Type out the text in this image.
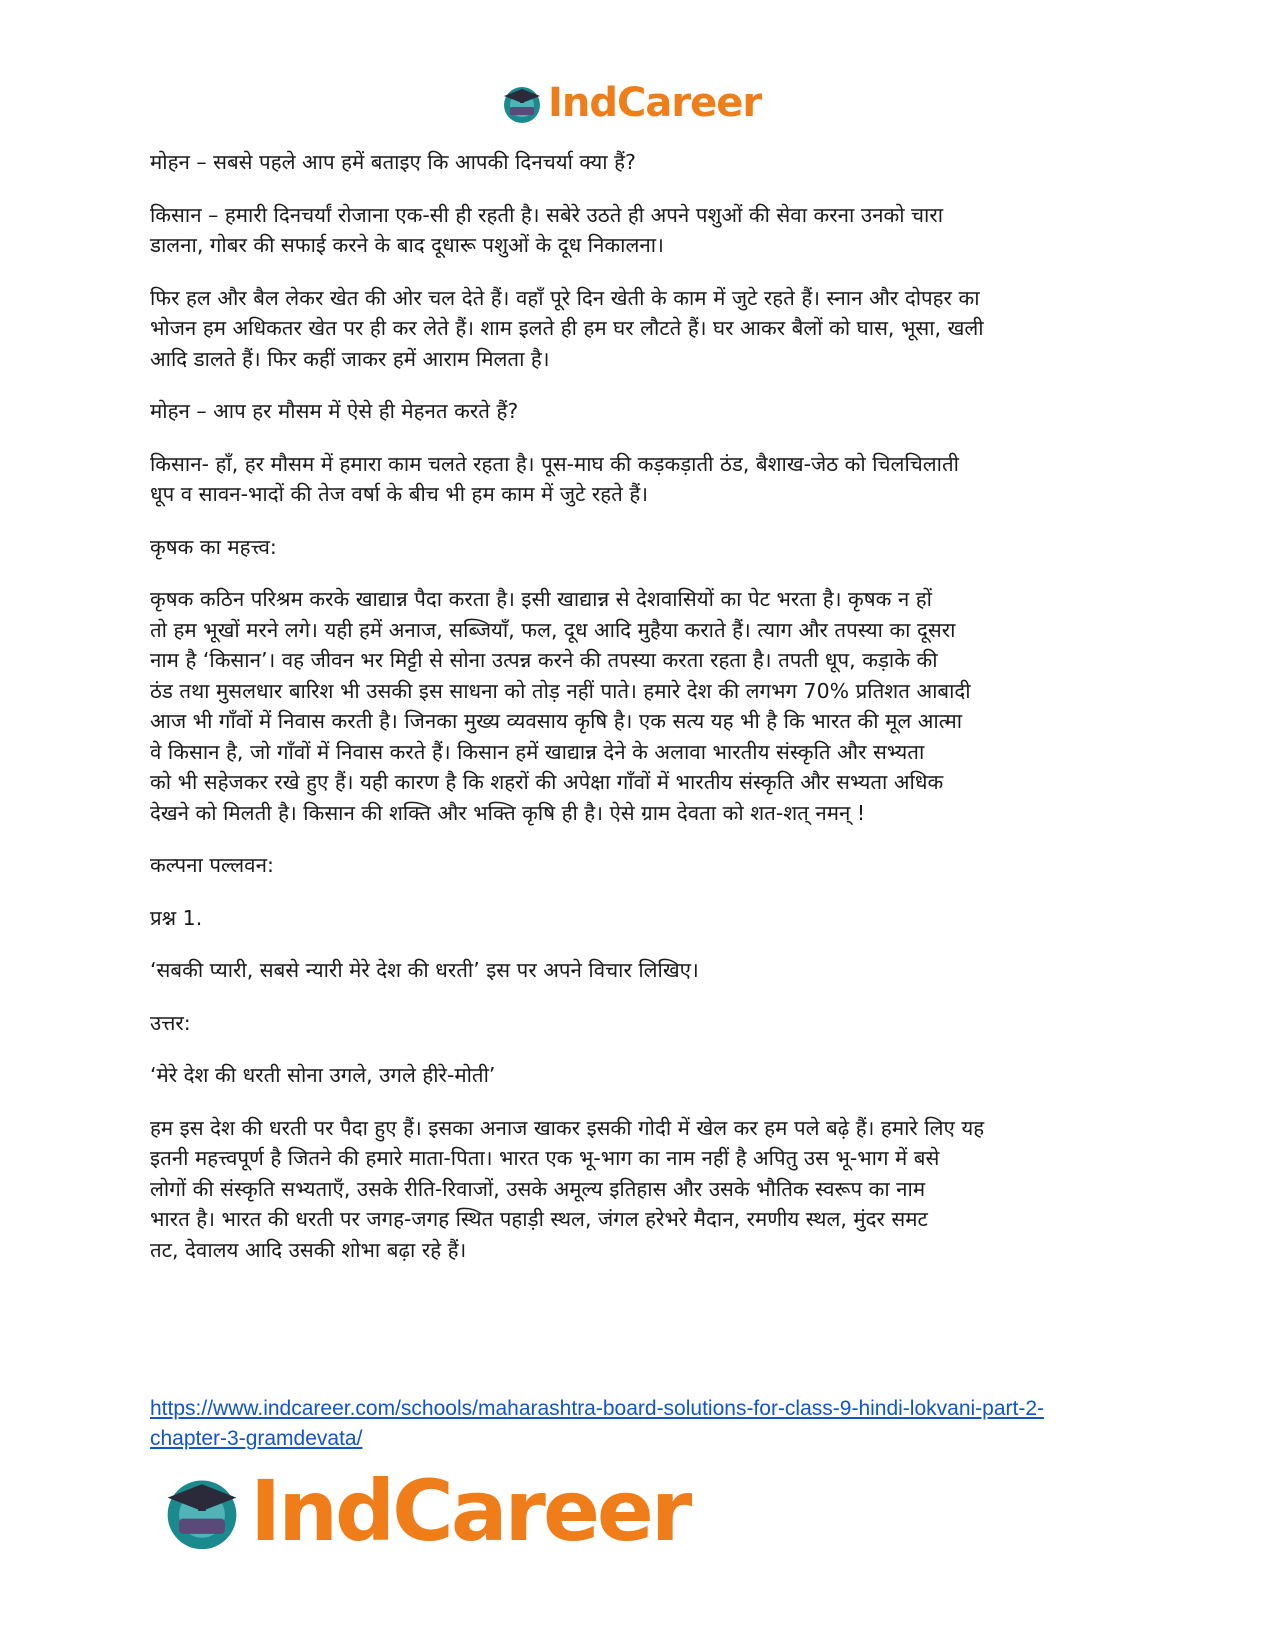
IndCareer

मोहन – सबसे पहले आप हमें बताइए कि आपकी दिनचर्या क्या हैं?

किसान – हमारी दिनचर्यां रोजाना एक-सी ही रहती है। सबेरे उठते ही अपने पशुओं की सेवा करना उनको चारा
डालना, गोबर की सफाई करने के बाद दूधारू पशुओं के दूध निकालना।

फिर हल और बैल लेकर खेत की ओर चल देते हैं। वहाँ पूरे दिन खेती के काम में जुटे रहते हैं। स्नान और दोपहर का
भोजन हम अधिकतर खेत पर ही कर लेते हैं। शाम इलते ही हम घर लौटते हैं। घर आकर बैलों को घास, भूसा, खली
आदि डालते हैं। फिर कहीं जाकर हमें आराम मिलता है।

मोहन – आप हर मौसम में ऐसे ही मेहनत करते हैं?

किसान- हाँ, हर मौसम में हमारा काम चलते रहता है। पूस-माघ की कड़कड़ाती ठंड, बैशाख-जेठ को चिलचिलाती
धूप व सावन-भादों की तेज वर्षा के बीच भी हम काम में जुटे रहते हैं।

कृषक का महत्त्व:

कृषक कठिन परिश्रम करके खाद्यान्न पैदा करता है। इसी खाद्यान्न से देशवासियों का पेट भरता है। कृषक न हों
तो हम भूखों मरने लगे। यही हमें अनाज, सब्जियाँ, फल, दूध आदि मुहैया कराते हैं। त्याग और तपस्या का दूसरा
नाम है ‘किसान’। वह जीवन भर मिट्टी से सोना उत्पन्न करने की तपस्या करता रहता है। तपती धूप, कड़ाके की
ठंड तथा मुसलधार बारिश भी उसकी इस साधना को तोड़ नहीं पाते। हमारे देश की लगभग 70% प्रतिशत आबादी
आज भी गाँवों में निवास करती है। जिनका मुख्य व्यवसाय कृषि है। एक सत्य यह भी है कि भारत की मूल आत्मा
वे किसान है, जो गाँवों में निवास करते हैं। किसान हमें खाद्यान्न देने के अलावा भारतीय संस्कृति और सभ्यता
को भी सहेजकर रखे हुए हैं। यही कारण है कि शहरों की अपेक्षा गाँवों में भारतीय संस्कृति और सभ्यता अधिक
देखने को मिलती है। किसान की शक्ति और भक्ति कृषि ही है। ऐसे ग्राम देवता को शत-शत् नमन् !

कल्पना पल्लवन:

प्रश्न 1.

‘सबकी प्यारी, सबसे न्यारी मेरे देश की धरती’ इस पर अपने विचार लिखिए।

उत्तर:

‘मेरे देश की धरती सोना उगले, उगले हीरे-मोती’

हम इस देश की धरती पर पैदा हुए हैं। इसका अनाज खाकर इसकी गोदी में खेल कर हम पले बढ़े हैं। हमारे लिए यह
इतनी महत्त्वपूर्ण है जितने की हमारे माता-पिता। भारत एक भू-भाग का नाम नहीं है अपितु उस भू-भाग में बसे
लोगों की संस्कृति सभ्यताएँ, उसके रीति-रिवाजों, उसके अमूल्य इतिहास और उसके भौतिक स्वरूप का नाम
भारत है। भारत की धरती पर जगह-जगह स्थित पहाड़ी स्थल, जंगल हरेभरे मैदान, रमणीय स्थल, मुंदर समट
तट, देवालय आदि उसकी शोभा बढ़ा रहे हैं।

https://www.indcareer.com/schools/maharashtra-board-solutions-for-class-9-hindi-lokvani-part-2-
chapter-3-gramdevata/
IndCareer
